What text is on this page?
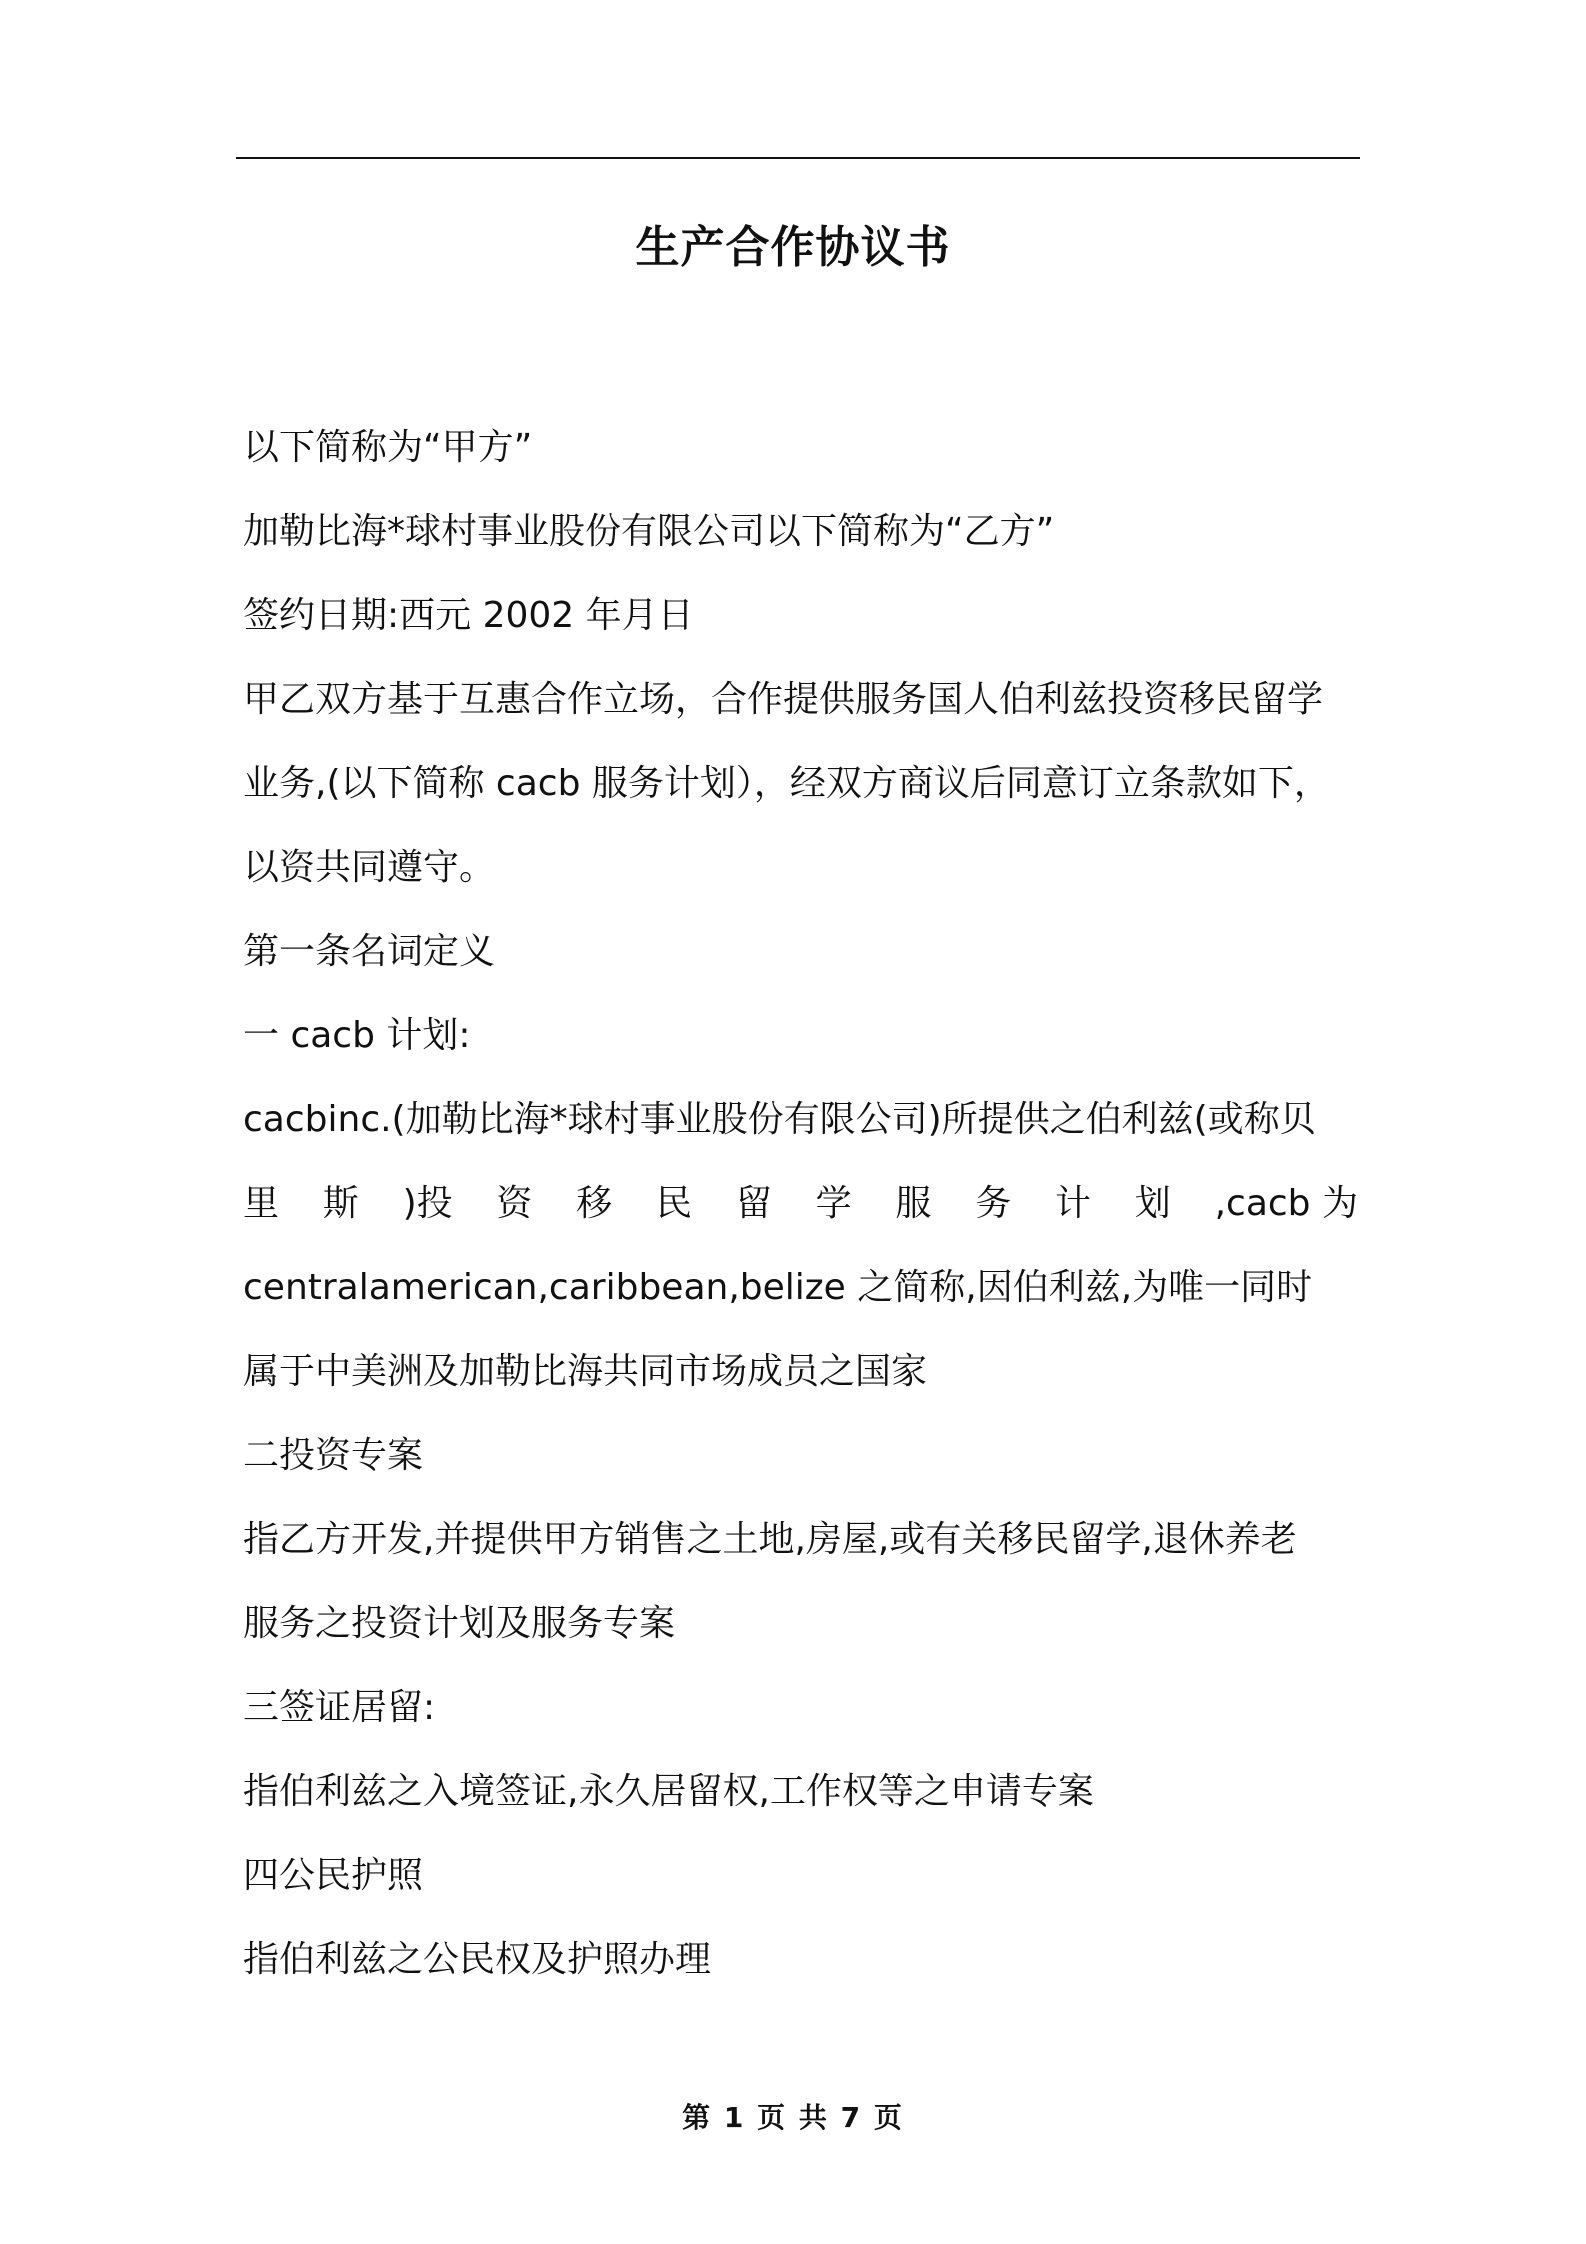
生产合作协议书
以下简称为“甲方”
加勒比海*球村事业股份有限公司以下简称为“乙方”
签约日期:西元 2002 年月日
甲乙双方基于互惠合作立场，合作提供服务国人伯利兹投资移民留学
业务,(以下简称 cacb 服务计划），经双方商议后同意订立条款如下，
以资共同遵守。
第一条名词定义
一 cacb 计划:
cacbinc.(加勒比海*球村事业股份有限公司)所提供之伯利兹(或称贝
里 斯 )投 资 移 民 留 学 服 务 计 划 ,cacb 为
centralamerican,caribbean,belize 之简称,因伯利兹,为唯一同时
属于中美洲及加勒比海共同市场成员之国家
二投资专案
指乙方开发,并提供甲方销售之土地,房屋,或有关移民留学,退休养老
服务之投资计划及服务专案
三签证居留:
指伯利兹之入境签证,永久居留权,工作权等之申请专案
四公民护照
指伯利兹之公民权及护照办理
第 1 页 共 7 页
